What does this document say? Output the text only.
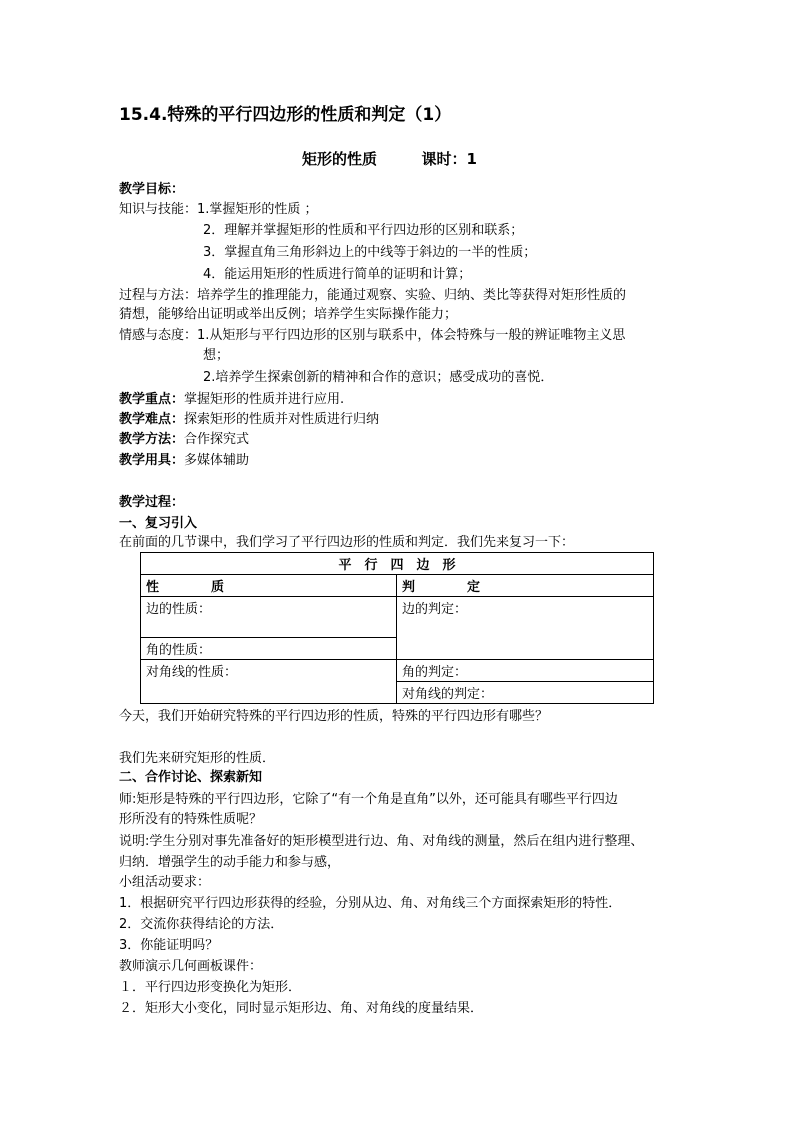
15.4.特殊的平行四边形的性质和判定（1）
矩形的性质	课时：1
教学目标：
知识与技能：1.掌握矩形的性质 ；
2．理解并掌握矩形的性质和平行四边形的区别和联系；
3．掌握直角三角形斜边上的中线等于斜边的一半的性质；
4．能运用矩形的性质进行简单的证明和计算；
过程与方法：培养学生的推理能力，能通过观察、实验、归纳、类比等获得对矩形性质的
猜想，能够给出证明或举出反例；培养学生实际操作能力；
情感与态度：1.从矩形与平行四边形的区别与联系中，体会特殊与一般的辨证唯物主义思
想；
2.培养学生探索创新的精神和合作的意识；感受成功的喜悦．
教学重点：掌握矩形的性质并进行应用.
教学难点：探索矩形的性质并对性质进行归纳
教学方法：合作探究式
教学用具：多媒体辅助
教学过程：
一、复习引入
在前面的几节课中，我们学习了平行四边形的性质和判定．我们先来复习一下：
平　行　四　边　形	
性　　　　质	判　　　　定
边的性质：	边的判定：
角的性质：	
对角线的性质：	角的判定：
	对角线的判定：
今天，我们开始研究特殊的平行四边形的性质，特殊的平行四边形有哪些？
我们先来研究矩形的性质．
二、合作讨论、探索新知
师:矩形是特殊的平行四边形，它除了“有一个角是直角”以外，还可能具有哪些平行四边
形所没有的特殊性质呢？
说明:学生分别对事先准备好的矩形模型进行边、角、对角线的测量，然后在组内进行整理、
归纳．增强学生的动手能力和参与感，
小组活动要求：
1．根据研究平行四边形获得的经验，分别从边、角、对角线三个方面探索矩形的特性．
2．交流你获得结论的方法．
3．你能证明吗？
教师演示几何画板课件：
１．平行四边形变换化为矩形．
２．矩形大小变化，同时显示矩形边、角、对角线的度量结果．
